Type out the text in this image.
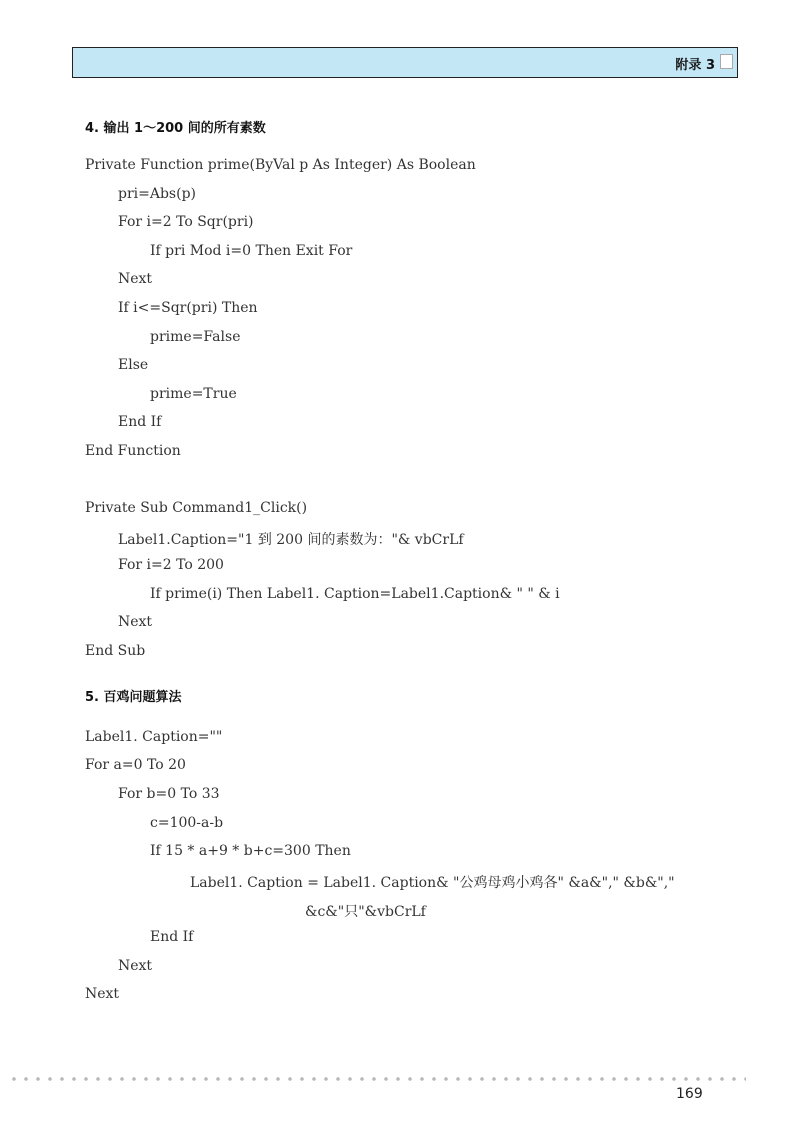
附录 3
4. 输出 1～200 间的所有素数
Private Function prime(ByVal p As Integer) As Boolean
pri=Abs(p)
For i=2 To Sqr(pri)
If pri Mod i=0 Then Exit For
Next
If i<=Sqr(pri) Then
prime=False
Else
prime=True
End If
End Function
Private Sub Command1_Click()
Label1.Caption="1 到 200 间的素数为："& vbCrLf
For i=2 To 200
If prime(i) Then Label1. Caption=Label1.Caption& " " & i
Next
End Sub
5. 百鸡问题算法
Label1. Caption=""
For a=0 To 20
For b=0 To 33
c=100-a-b
If 15 * a+9 * b+c=300 Then
Label1. Caption = Label1. Caption& "公鸡母鸡小鸡各" &a&"," &b&","
&c&"只"&vbCrLf
End If
Next
Next
169
